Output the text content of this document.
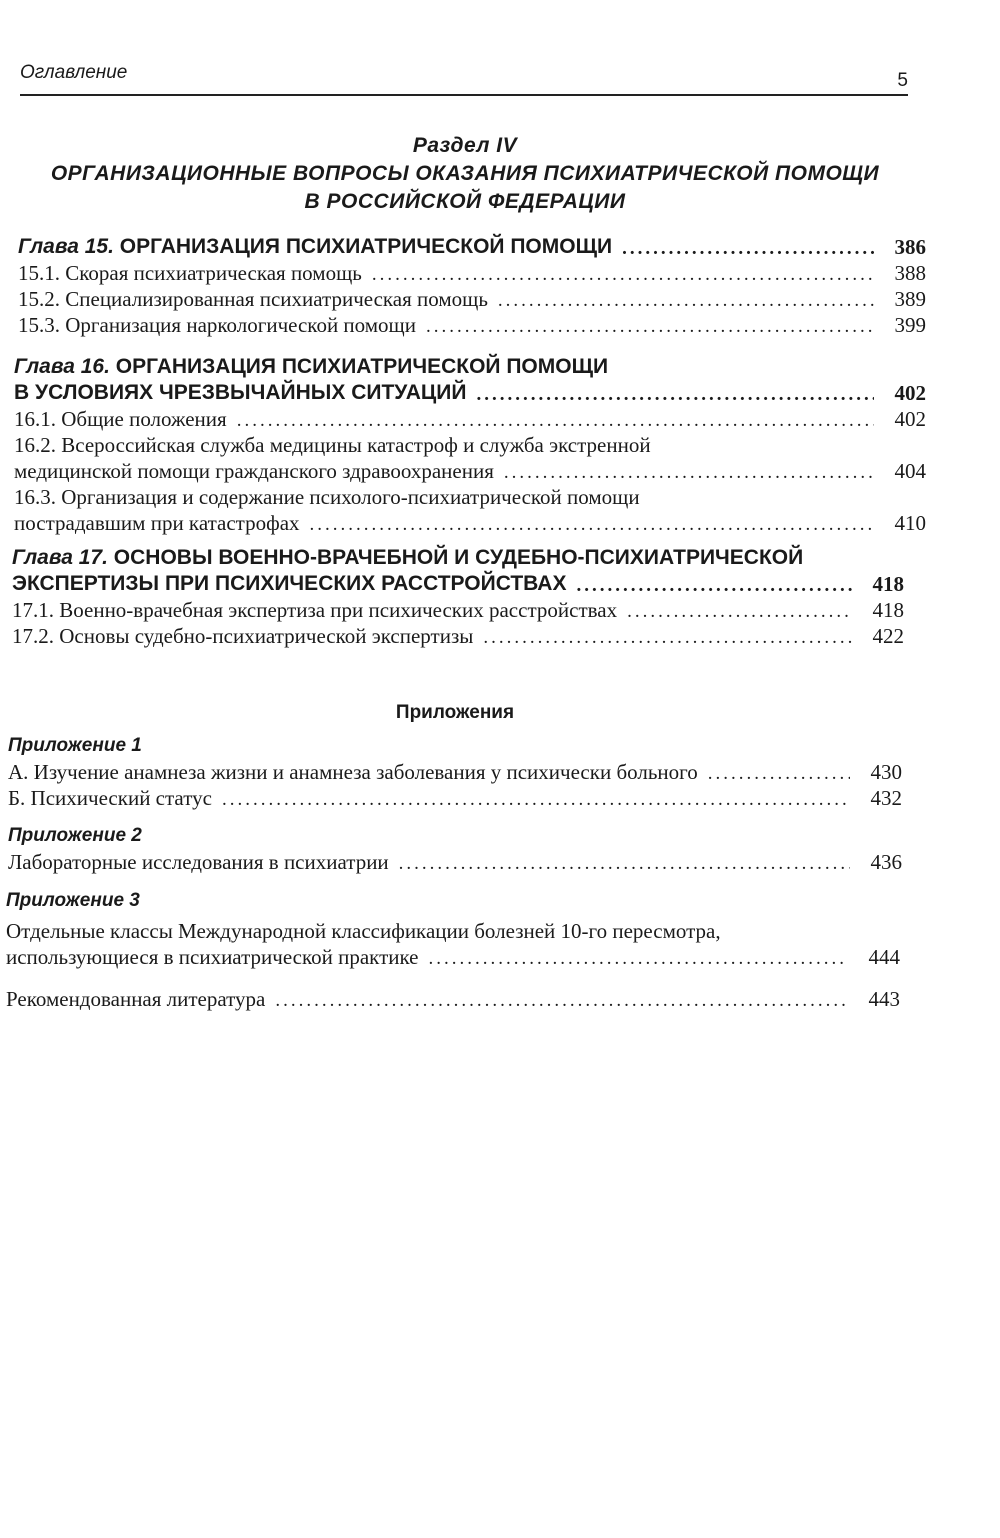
Оглавление	5
Раздел IV
ОРГАНИЗАЦИОННЫЕ ВОПРОСЫ ОКАЗАНИЯ ПСИХИАТРИЧЕСКОЙ ПОМОЩИ
В РОССИЙСКОЙ ФЕДЕРАЦИИ
Глава 15. ОРГАНИЗАЦИЯ ПСИХИАТРИЧЕСКОЙ ПОМОЩИ .....	386
15.1. Скорая психиатрическая помощь .....	388
15.2. Специализированная психиатрическая помощь .....	389
15.3. Организация наркологической помощи .....	399
Глава 16. ОРГАНИЗАЦИЯ ПСИХИАТРИЧЕСКОЙ ПОМОЩИ
В УСЛОВИЯХ ЧРЕЗВЫЧАЙНЫХ СИТУАЦИЙ .....	402
16.1. Общие положения .....	402
16.2. Всероссийская служба медицины катастроф и служба экстренной
медицинской помощи гражданского здравоохранения .....	404
16.3. Организация и содержание психолого-психиатрической помощи
пострадавшим при катастрофах .....	410
Глава 17. ОСНОВЫ ВОЕННО-ВРАЧЕБНОЙ И СУДЕБНО-ПСИХИАТРИЧЕСКОЙ
ЭКСПЕРТИЗЫ ПРИ ПСИХИЧЕСКИХ РАССТРОЙСТВАХ .....	418
17.1. Военно-врачебная экспертиза при психических расстройствах .....	418
17.2. Основы судебно-психиатрической экспертизы .....	422
Приложения
Приложение 1
А. Изучение анамнеза жизни и анамнеза заболевания у психически больного .....	430
Б. Психический статус .....	432
Приложение 2
Лабораторные исследования в психиатрии .....	436
Приложение 3
Отдельные классы Международной классификации болезней 10-го пересмотра,
использующиеся в психиатрической практике .....	444
Рекомендованная литература .....	443
